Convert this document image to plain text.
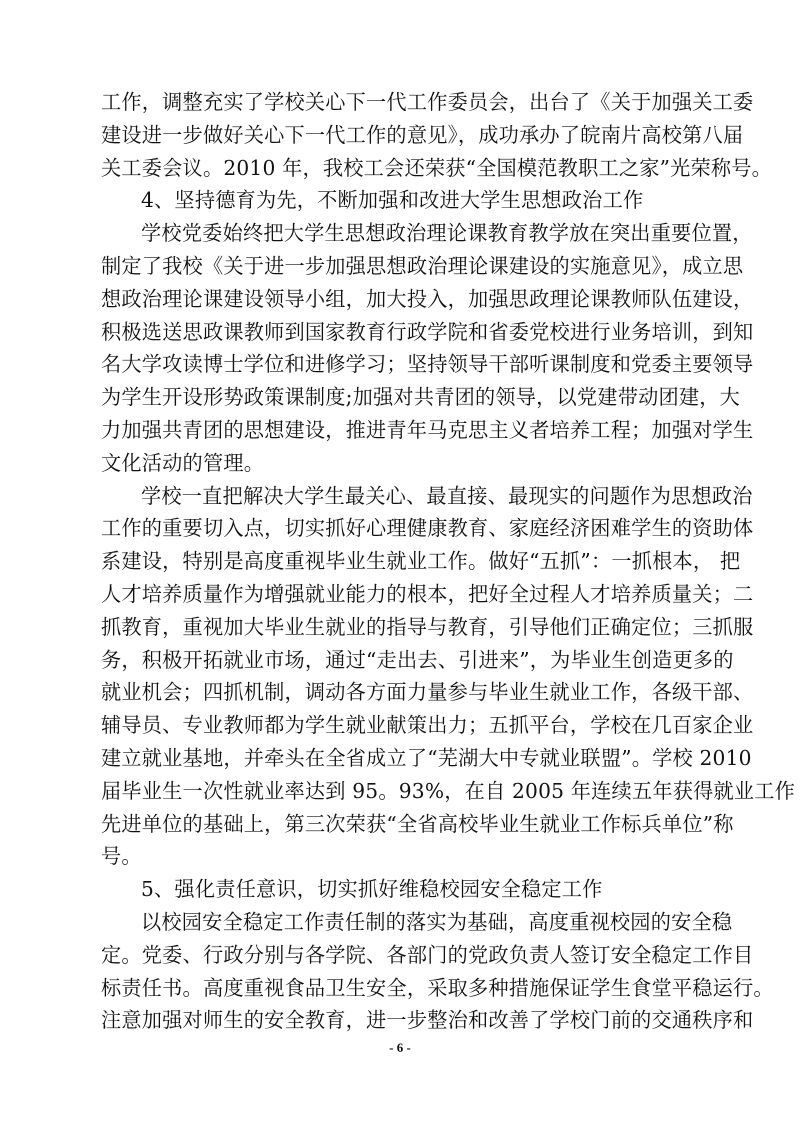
工作，调整充实了学校关心下一代工作委员会，出台了《关于加强关工委
建设进一步做好关心下一代工作的意见》，成功承办了皖南片高校第八届
关工委会议。2010 年，我校工会还荣获“全国模范教职工之家”光荣称号。
4、坚持德育为先，不断加强和改进大学生思想政治工作
学校党委始终把大学生思想政治理论课教育教学放在突出重要位置，
制定了我校《关于进一步加强思想政治理论课建设的实施意见》，成立思
想政治理论课建设领导小组，加大投入，加强思政理论课教师队伍建设，
积极选送思政课教师到国家教育行政学院和省委党校进行业务培训，到知
名大学攻读博士学位和进修学习；坚持领导干部听课制度和党委主要领导
为学生开设形势政策课制度;加强对共青团的领导，以党建带动团建，大
力加强共青团的思想建设，推进青年马克思主义者培养工程；加强对学生
文化活动的管理。
学校一直把解决大学生最关心、最直接、最现实的问题作为思想政治
工作的重要切入点，切实抓好心理健康教育、家庭经济困难学生的资助体
系建设，特别是高度重视毕业生就业工作。做好“五抓”：一抓根本， 把
人才培养质量作为增强就业能力的根本，把好全过程人才培养质量关；二
抓教育，重视加大毕业生就业的指导与教育，引导他们正确定位；三抓服
务，积极开拓就业市场，通过“走出去、引进来”，为毕业生创造更多的
就业机会；四抓机制，调动各方面力量参与毕业生就业工作，各级干部、
辅导员、专业教师都为学生就业献策出力；五抓平台，学校在几百家企业
建立就业基地，并牵头在全省成立了“芜湖大中专就业联盟”。学校 2010
届毕业生一次性就业率达到 95。93%，在自 2005 年连续五年获得就业工作
先进单位的基础上，第三次荣获“全省高校毕业生就业工作标兵单位”称
号。
5、强化责任意识，切实抓好维稳校园安全稳定工作
以校园安全稳定工作责任制的落实为基础，高度重视校园的安全稳
定。党委、行政分别与各学院、各部门的党政负责人签订安全稳定工作目
标责任书。高度重视食品卫生安全，采取多种措施保证学生食堂平稳运行。
注意加强对师生的安全教育，进一步整治和改善了学校门前的交通秩序和
- 6 -
